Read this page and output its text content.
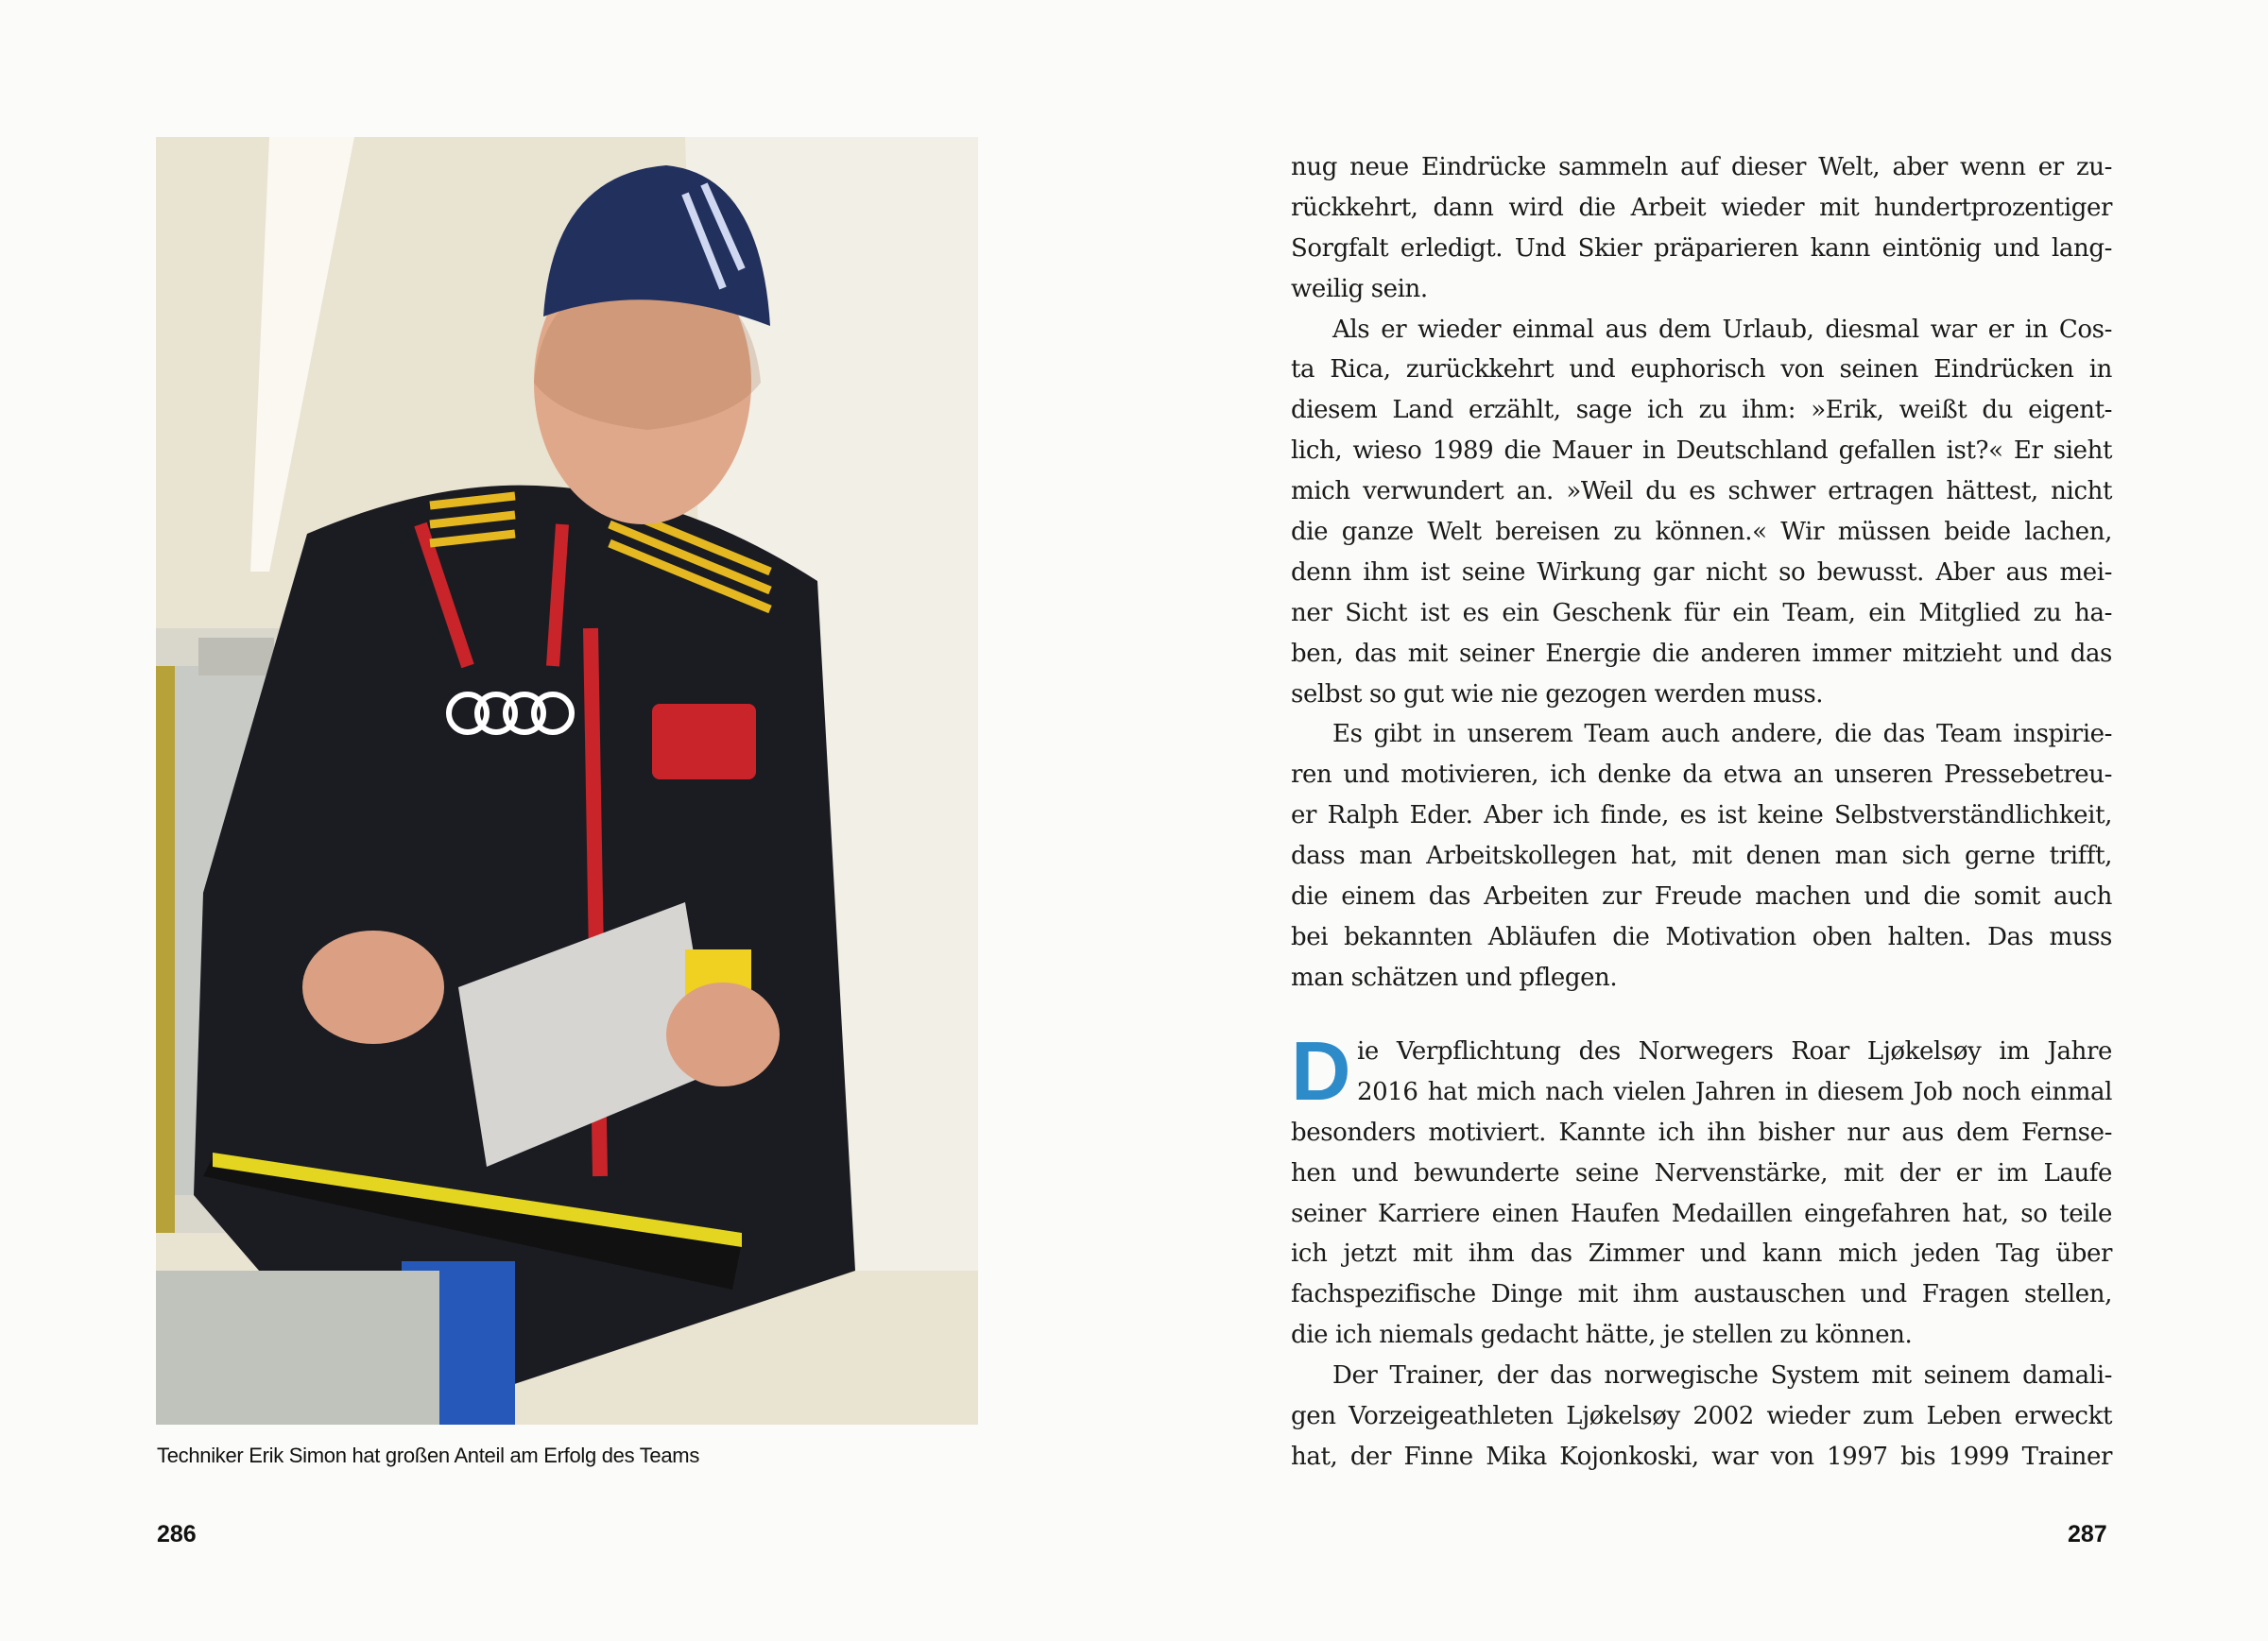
Techniker Erik Simon hat großen Anteil am Erfolg des Teams
286	287
nug neue Eindrücke sammeln auf dieser Welt, aber wenn er zu-
rückkehrt, dann wird die Arbeit wieder mit hundertprozentiger
Sorgfalt erledigt. Und Skier präparieren kann eintönig und lang-
weilig sein.
Als er wieder einmal aus dem Urlaub, diesmal war er in Cos-
ta Rica, zurückkehrt und euphorisch von seinen Eindrücken in
diesem Land erzählt, sage ich zu ihm: »Erik, weißt du eigent-
lich, wieso 1989 die Mauer in Deutschland gefallen ist?« Er sieht
mich verwundert an. »Weil du es schwer ertragen hättest, nicht
die ganze Welt bereisen zu können.« Wir müssen beide lachen,
denn ihm ist seine Wirkung gar nicht so bewusst. Aber aus mei-
ner Sicht ist es ein Geschenk für ein Team, ein Mitglied zu ha-
ben, das mit seiner Energie die anderen immer mitzieht und das
selbst so gut wie nie gezogen werden muss.
Es gibt in unserem Team auch andere, die das Team inspirie-
ren und motivieren, ich denke da etwa an unseren Pressebetreu-
er Ralph Eder. Aber ich finde, es ist keine Selbstverständlichkeit,
dass man Arbeitskollegen hat, mit denen man sich gerne trifft,
die einem das Arbeiten zur Freude machen und die somit auch
bei bekannten Abläufen die Motivation oben halten. Das muss
man schätzen und pflegen.
D ie Verpflichtung des Norwegers Roar Ljøkelsøy im Jahre
2016 hat mich nach vielen Jahren in diesem Job noch einmal
besonders motiviert. Kannte ich ihn bisher nur aus dem Fernse-
hen und bewunderte seine Nervenstärke, mit der er im Laufe
seiner Karriere einen Haufen Medaillen eingefahren hat, so teile
ich jetzt mit ihm das Zimmer und kann mich jeden Tag über
fachspezifische Dinge mit ihm austauschen und Fragen stellen,
die ich niemals gedacht hätte, je stellen zu können.
Der Trainer, der das norwegische System mit seinem damali-
gen Vorzeigeathleten Ljøkelsøy 2002 wieder zum Leben erweckt
hat, der Finne Mika Kojonkoski, war von 1997 bis 1999 Trainer
